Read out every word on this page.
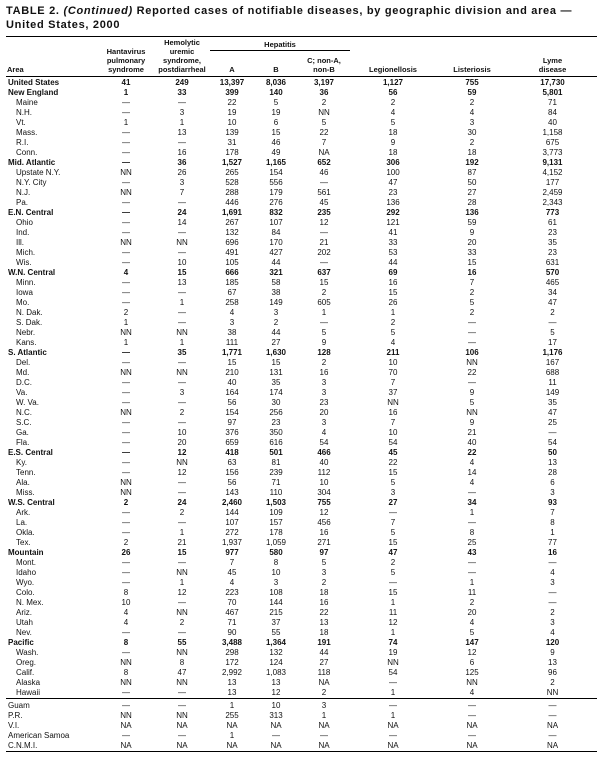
TABLE 2. (Continued) Reported cases of notifiable diseases, by geographic division and area — United States, 2000
Area	Hantavirus
pulmonary
syndrome	Hemolytic
uremic
syndrome,
postdiarrheal	Hepatitis			Legionellosis	Listeriosis	Lyme
disease
			A	B	C; non-A,
non-B			
United States	41	249	13,397	8,036	3,197	1,127	755	17,730
New England	1	33	399	140	36	56	59	5,801
Maine	—	—	22	5	2	2	2	71
N.H.	—	3	19	19	NN	4	4	84
Vt.	1	1	10	6	5	5	3	40
Mass.	—	13	139	15	22	18	30	1,158
R.I.	—	—	31	46	7	9	2	675
Conn.	—	16	178	49	NA	18	18	3,773
Mid. Atlantic	—	36	1,527	1,165	652	306	192	9,131
Upstate N.Y.	NN	26	265	154	46	100	87	4,152
N.Y. City	—	3	528	556	—	47	50	177
N.J.	NN	7	288	179	561	23	27	2,459
Pa.	—	—	446	276	45	136	28	2,343
E.N. Central	—	24	1,691	832	235	292	136	773
Ohio	—	14	267	107	12	121	59	61
Ind.	—	—	132	84	—	41	9	23
Ill.	NN	NN	696	170	21	33	20	35
Mich.	—	—	491	427	202	53	33	23
Wis.	—	10	105	44	—	44	15	631
W.N. Central	4	15	666	321	637	69	16	570
Minn.	—	13	185	58	15	16	7	465
Iowa	—	—	67	38	2	15	2	34
Mo.	—	1	258	149	605	26	5	47
N. Dak.	2	—	4	3	1	1	2	2
S. Dak.	1	—	3	2	—	2	—	—
Nebr.	NN	NN	38	44	5	5	—	5
Kans.	1	1	111	27	9	4	—	17
S. Atlantic	—	35	1,771	1,630	128	211	106	1,176
Del.	—	—	15	15	2	10	NN	167
Md.	NN	NN	210	131	16	70	22	688
D.C.	—	—	40	35	3	7	—	11
Va.	—	3	164	174	3	37	9	149
W. Va.	—	—	56	30	23	NN	5	35
N.C.	NN	2	154	256	20	16	NN	47
S.C.	—	—	97	23	3	7	9	25
Ga.	—	10	376	350	4	10	21	—
Fla.	—	20	659	616	54	54	40	54
E.S. Central	—	12	418	501	466	45	22	50
Ky.	—	NN	63	81	40	22	4	13
Tenn.	—	12	156	239	112	15	14	28
Ala.	NN	—	56	71	10	5	4	6
Miss.	NN	—	143	110	304	3	—	3
W.S. Central	2	24	2,460	1,503	755	27	34	93
Ark.	—	2	144	109	12	—	1	7
La.	—	—	107	157	456	7	—	8
Okla.	—	1	272	178	16	5	8	1
Tex.	2	21	1,937	1,059	271	15	25	77
Mountain	26	15	977	580	97	47	43	16
Mont.	—	—	7	8	5	2	—	—
Idaho	—	NN	45	10	3	5	—	4
Wyo.	—	1	4	3	2	—	1	3
Colo.	8	12	223	108	18	15	11	—
N. Mex.	10	—	70	144	16	1	2	—
Ariz.	4	NN	467	215	22	11	20	2
Utah	4	2	71	37	13	12	4	3
Nev.	—	—	90	55	18	1	5	4
Pacific	8	55	3,488	1,364	191	74	147	120
Wash.	—	NN	298	132	44	19	12	9
Oreg.	NN	8	172	124	27	NN	6	13
Calif.	8	47	2,992	1,083	118	54	125	96
Alaska	NN	NN	13	13	NA	—	NN	2
Hawaii	—	—	13	12	2	1	4	NN
Guam	—	—	1	10	3	—	—	—
P.R.	NN	NN	255	313	1	1	—	—
V.I.	NA	NA	NA	NA	NA	NA	NA	NA
American Samoa	—	—	1	—	—	—	—	—
C.N.M.I.	NA	NA	NA	NA	NA	NA	NA	NA
